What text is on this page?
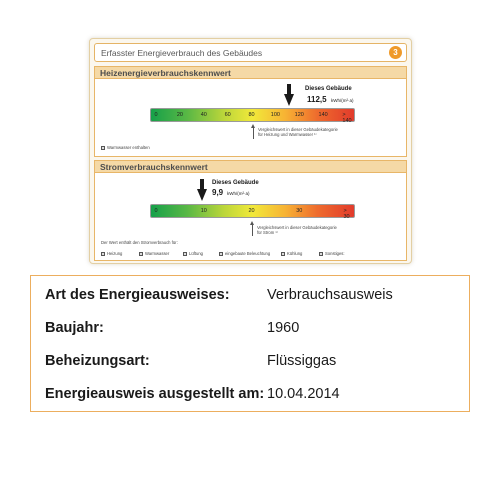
Erfasster Energieverbrauch des Gebäudes	3
Heizenergieverbrauchskennwert
Dieses Gebäude
112,5 kWh/(m²·a)
0	20	40	60	80	100	120	140	> 140
Vergleichswert in dieser Gebäudekategorie
für Heizung und Warmwasser ¹⁾
Warmwasser enthalten
Stromverbrauchskennwert
Dieses Gebäude
9,9 kWh/(m²·a)
0	10	20	30	> 30
Vergleichswert in dieser Gebäudekategorie
für Strom ¹⁾
Der Wert enthält den Stromverbrauch für:
Heizung	Warmwasser	Lüftung	eingebaute Beleuchtung	Kühlung	Sonstiges:
Art des Energieausweises:	Verbrauchsausweis
Baujahr:	1960
Beheizungsart:	Flüssiggas
Energieausweis ausgestellt am: 10.04.2014
